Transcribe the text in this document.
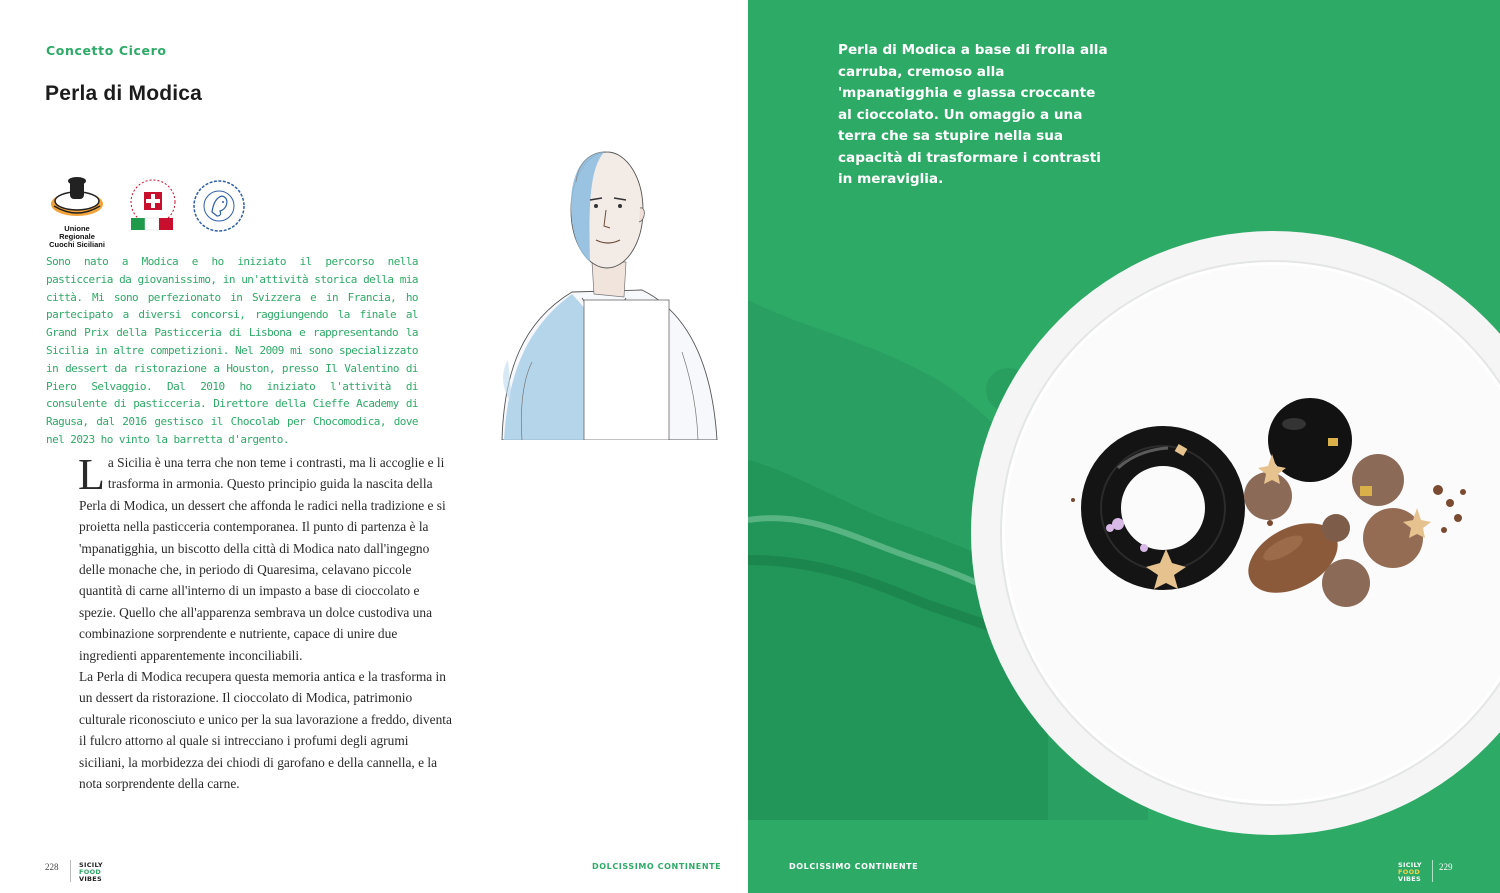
Concetto Cicero
Perla di Modica
Unione Regionale
Cuochi Siciliani

Sono nato a Modica e ho iniziato il percorso nella pasticceria da giovanissimo, in un'attività storica della mia città. Mi sono perfezionato in Svizzera e in Francia, ho partecipato a diversi concorsi, raggiungendo la finale al Grand Prix della Pasticceria di Lisbona e rappresentando la Sicilia in altre competizioni. Nel 2009 mi sono specializzato in dessert da ristorazione a Houston, presso Il Valentino di Piero Selvaggio. Dal 2010 ho iniziato l'attività di consulente di pasticceria. Direttore della Cieffe Academy di Ragusa, dal 2016 gestisco il Chocolab per Chocomodica, dove nel 2023 ho vinto la barretta d'argento.

L a Sicilia è una terra che non teme i contrasti, ma li accoglie e li trasforma in armonia. Questo principio guida la nascita della Perla di Modica, un dessert che affonda le radici nella tradizione e si proietta nella pasticceria contemporanea. Il punto di partenza è la 'mpanatigghia, un biscotto della città di Modica nato dall'ingegno delle monache che, in periodo di Quaresima, celavano piccole quantità di carne all'interno di un impasto a base di cioccolato e spezie. Quello che all'apparenza sembrava un dolce custodiva una combinazione sorprendente e nutriente, capace di unire due ingredienti apparentemente inconciliabili.

La Perla di Modica recupera questa memoria antica e la trasforma in un dessert da ristorazione. Il cioccolato di Modica, patrimonio culturale riconosciuto e unico per la sua lavorazione a freddo, diventa il fulcro attorno al quale si intrecciano i profumi degli agrumi siciliani, la morbidezza dei chiodi di garofano e della cannella, e la nota sorprendente della carne.

228	SICILY
FOOD
VIBES
DOLCISSIMO CONTINENTE

Perla di Modica a base di frolla alla carruba, cremoso alla 'mpanatigghia e glassa croccante al cioccolato. Un omaggio a una terra che sa stupire nella sua capacità di trasformare i contrasti in meraviglia.

DOLCISSIMO CONTINENTE	SICILY
FOOD
VIBES
229
